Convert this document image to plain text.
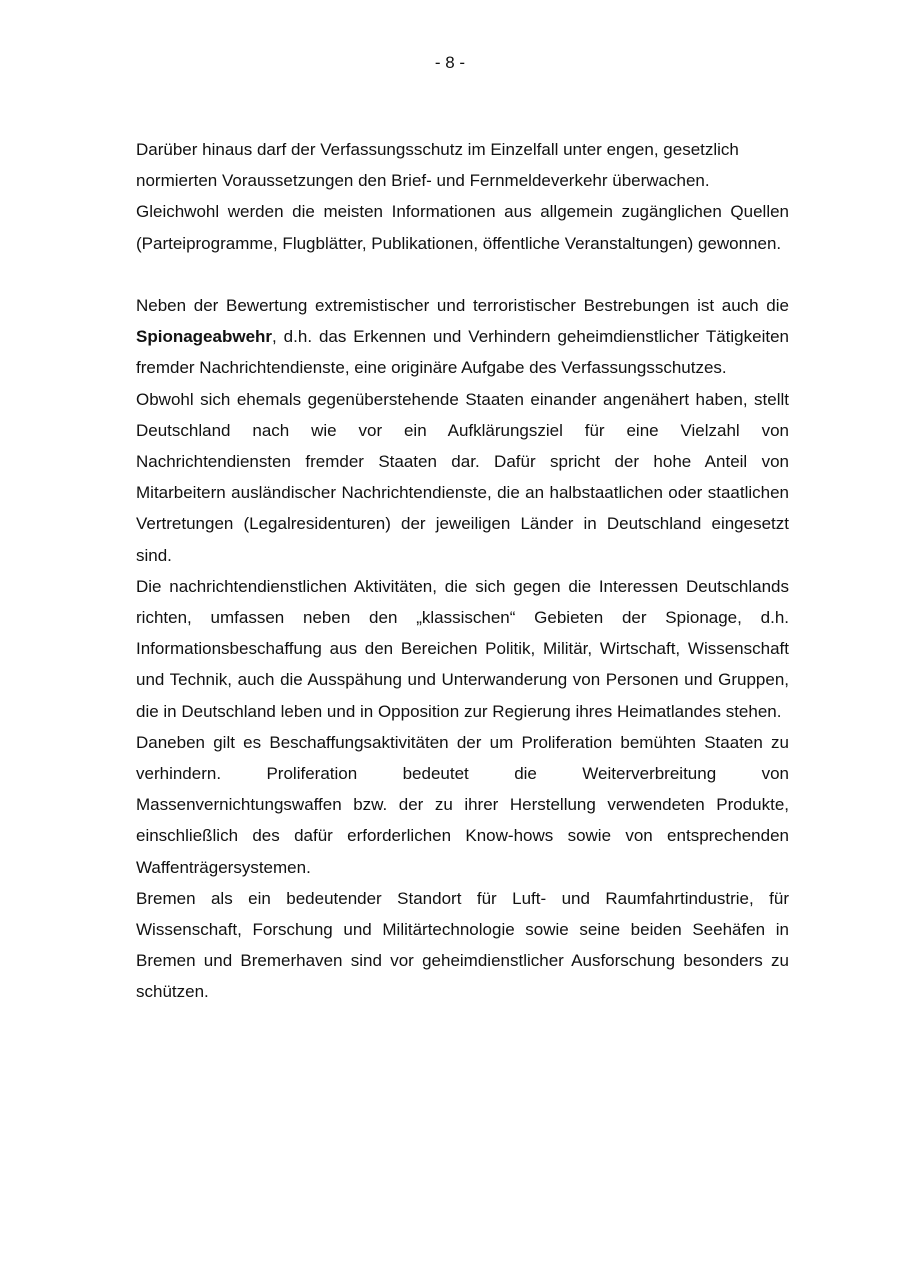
- 8 -

Darüber hinaus darf der Verfassungsschutz im Einzelfall unter engen, gesetzlich normierten Voraussetzungen den Brief- und Fernmeldeverkehr überwachen.

Gleichwohl werden die meisten Informationen aus allgemein zugänglichen Quellen (Parteiprogramme, Flugblätter, Publikationen, öffentliche Veranstaltungen) gewonnen.

Neben der Bewertung extremistischer und terroristischer Bestrebungen ist auch die Spionageabwehr, d.h. das Erkennen und Verhindern geheimdienstlicher Tätigkeiten fremder Nachrichtendienste, eine originäre Aufgabe des Verfassungsschutzes.

Obwohl sich ehemals gegenüberstehende Staaten einander angenähert haben, stellt Deutschland nach wie vor ein Aufklärungsziel für eine Vielzahl von Nachrichtendiensten fremder Staaten dar. Dafür spricht der hohe Anteil von Mitarbeitern ausländischer Nachrichtendienste, die an halbstaatlichen oder staatlichen Vertretungen (Legalresidenturen) der jeweiligen Länder in Deutschland eingesetzt sind.

Die nachrichtendienstlichen Aktivitäten, die sich gegen die Interessen Deutschlands richten, umfassen neben den „klassischen“ Gebieten der Spionage, d.h. Informationsbeschaffung aus den Bereichen Politik, Militär, Wirtschaft, Wissenschaft und Technik, auch die Ausspähung und Unterwanderung von Personen und Gruppen, die in Deutschland leben und in Opposition zur Regierung ihres Heimatlandes stehen.

Daneben gilt es Beschaffungsaktivitäten der um Proliferation bemühten Staaten zu verhindern. Proliferation bedeutet die Weiterverbreitung von Massenvernichtungswaffen bzw. der zu ihrer Herstellung verwendeten Produkte, einschließlich des dafür erforderlichen Know-hows sowie von entsprechenden Waffenträgersystemen.

Bremen als ein bedeutender Standort für Luft- und Raumfahrtindustrie, für Wissenschaft, Forschung und Militärtechnologie sowie seine beiden Seehäfen in Bremen und Bremerhaven sind vor geheimdienstlicher Ausforschung besonders zu schützen.
